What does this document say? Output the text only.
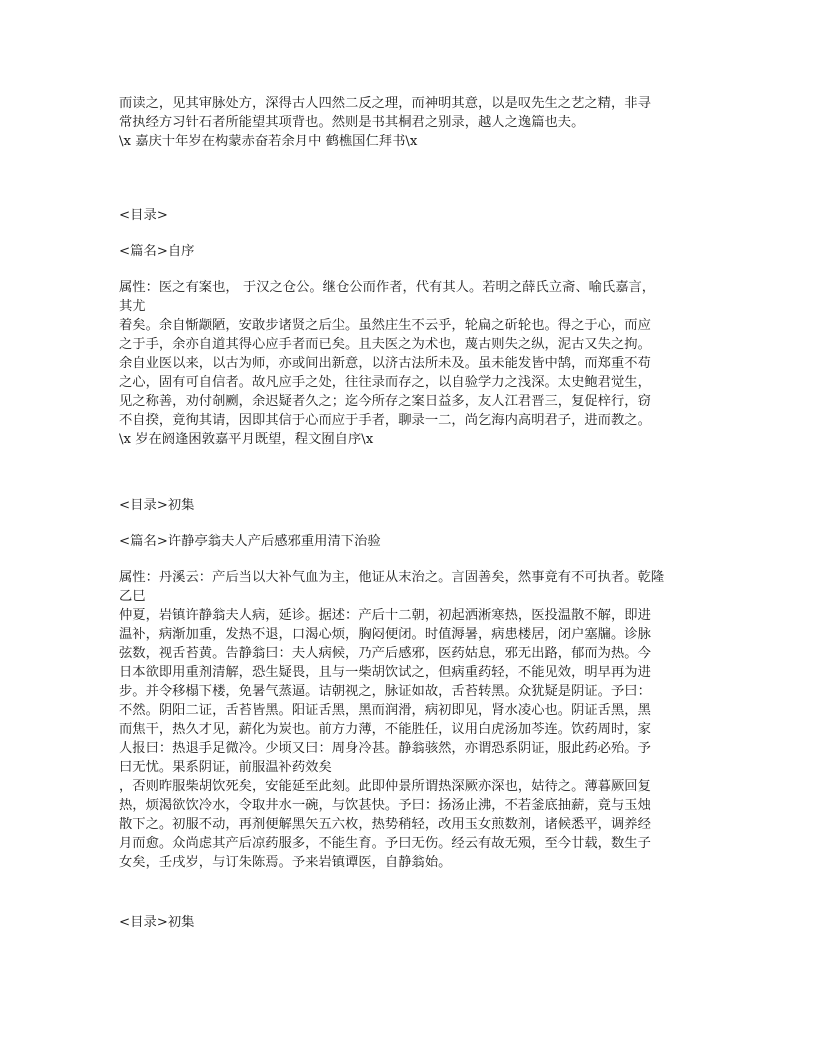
而读之，见其审脉处方，深得古人四然二反之理，而神明其意，以是叹先生之艺之精，非寻
常执经方习针石者所能望其项背也。然则是书其桐君之别录，越人之逸篇也夫。
\x 嘉庆十年岁在构蒙赤奋若余月中 鹤樵国仁拜书\x
<目录>
<篇名>自序
属性：医之有案也， 于汉之仓公。继仓公而作者，代有其人。若明之薛氏立斋、喻氏嘉言，
其尤
着矣。余自惭颛陋，安敢步诸贤之后尘。虽然庄生不云乎，轮扁之斫轮也。得之于心，而应
之于手，余亦自道其得心应手者而已矣。且夫医之为术也，蔑古则失之纵，泥古又失之拘。
余自业医以来，以古为师，亦或间出新意，以济古法所未及。虽未能发皆中鹄，而郑重不苟
之心，固有可自信者。故凡应手之处，往往录而存之，以自验学力之浅深。太史鲍君觉生，
见之称善，劝付剞劂，余迟疑者久之；迄今所存之案日益多，友人江君晋三，复促梓行，窃
不自揆，竟徇其请，因即其信于心而应于手者，聊录一二，尚乞海内高明君子，进而教之。
\x 岁在阏逢困敦嘉平月既望，程文囿自序\x
<目录>初集
<篇名>许静亭翁夫人产后感邪重用清下治验
属性：丹溪云：产后当以大补气血为主，他证从末治之。言固善矣，然事竟有不可执者。乾隆
乙巳
仲夏，岩镇许静翁夫人病，延诊。据述：产后十二朝，初起洒淅寒热，医投温散不解，即进
温补，病渐加重，发热不退，口渴心烦，胸闷便闭。时值溽暑，病患楼居，闭户塞牖。诊脉
弦数，视舌苔黄。告静翁曰：夫人病候，乃产后感邪，医药姑息，邪无出路，郁而为热。今
日本欲即用重剂清解，恐生疑畏，且与一柴胡饮试之，但病重药轻，不能见效，明早再为进
步。并令移榻下楼，免暑气蒸逼。诘朝视之，脉证如故，舌苔转黑。众犹疑是阴证。予曰：
不然。阴阳二证，舌苔皆黑。阳证舌黑，黑而润滑，病初即见，肾水凌心也。阴证舌黑，黑
而焦干，热久才见，薪化为炭也。前方力薄，不能胜任，议用白虎汤加芩连。饮药周时，家
人报曰：热退手足微冷。少顷又曰：周身冷甚。静翁骇然，亦谓恐系阴证，服此药必殆。予
曰无忧。果系阴证，前服温补药效矣
，否则昨服柴胡饮死矣，安能延至此刻。此即仲景所谓热深厥亦深也，姑待之。薄暮厥回复
热，烦渴欲饮冷水，令取井水一碗，与饮甚快。予曰：扬汤止沸，不若釜底抽薪，竟与玉烛
散下之。初服不动，再剂便解黑矢五六枚，热势稍轻，改用玉女煎数剂，诸候悉平，调养经
月而愈。众尚虑其产后凉药服多，不能生育。予曰无伤。经云有故无殒，至今廿载，数生子
女矣，壬戌岁，与订朱陈焉。予来岩镇谭医，自静翁始。
<目录>初集
